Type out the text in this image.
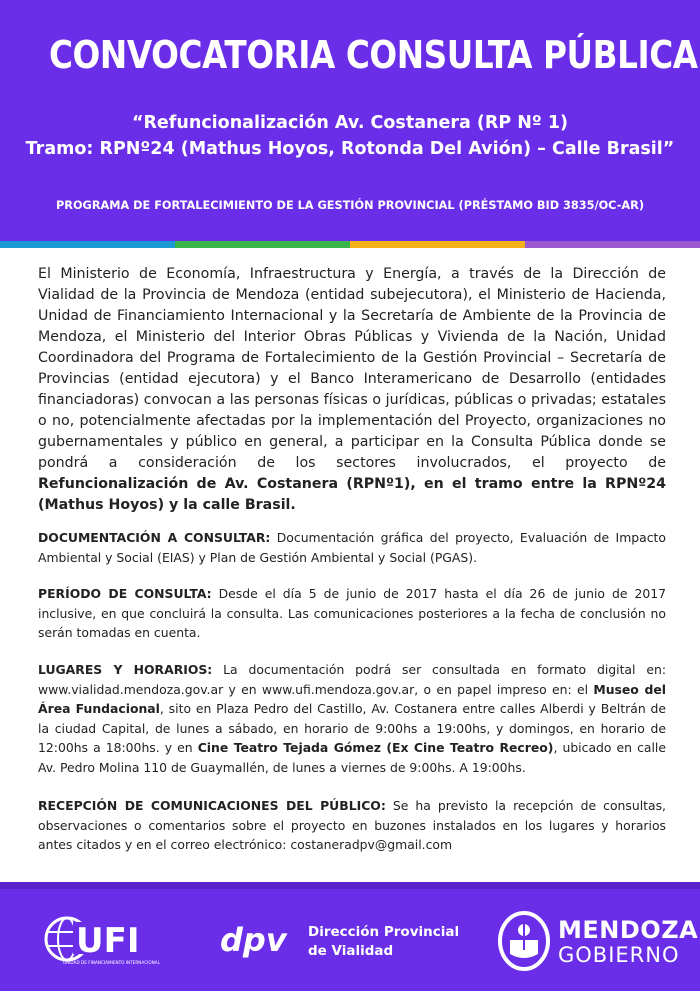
CONVOCATORIA CONSULTA PÚBLICA
“Refuncionalización Av. Costanera (RP Nº 1)
Tramo: RPNº24 (Mathus Hoyos, Rotonda Del Avión) – Calle Brasil”
PROGRAMA DE FORTALECIMIENTO DE LA GESTIÓN PROVINCIAL (PRÉSTAMO BID 3835/OC-AR)
El Ministerio de Economía, Infraestructura y Energía, a través de la Dirección de Vialidad de la Provincia de Mendoza (entidad subejecutora), el Ministerio de Hacienda, Unidad de Financiamiento Internacional y la Secretaría de Ambiente de la Provincia de Mendoza, el Ministerio del Interior Obras Públicas y Vivienda de la Nación, Unidad Coordinadora del Programa de Fortalecimiento de la Gestión Provincial – Secretaría de Provincias (entidad ejecutora) y el Banco Interamericano de Desarrollo (entidades financiadoras) convocan a las personas físicas o jurídicas, públicas o privadas; estatales o no, potencialmente afectadas por la implementación del Proyecto, organizaciones no gubernamentales y público en general, a participar en la Consulta Pública donde se pondrá a consideración de los sectores involucrados, el proyecto de Refuncionalización de Av. Costanera (RPNº1), en el tramo entre la RPNº24 (Mathus Hoyos) y la calle Brasil.
DOCUMENTACIÓN A CONSULTAR: Documentación gráfica del proyecto, Evaluación de Impacto Ambiental y Social (EIAS) y Plan de Gestión Ambiental y Social (PGAS).
PERÍODO DE CONSULTA: Desde el día 5 de junio de 2017 hasta el día 26 de junio de 2017 inclusive, en que concluirá la consulta. Las comunicaciones posteriores a la fecha de conclusión no serán tomadas en cuenta.
LUGARES Y HORARIOS: La documentación podrá ser consultada en formato digital en: www.vialidad.mendoza.gov.ar y en www.ufi.mendoza.gov.ar, o en papel impreso en: el Museo del Área Fundacional, sito en Plaza Pedro del Castillo, Av. Costanera entre calles Alberdi y Beltrán de la ciudad Capital, de lunes a sábado, en horario de 9:00hs a 19:00hs, y domingos, en horario de 12:00hs a 18:00hs. y en Cine Teatro Tejada Gómez (Ex Cine Teatro Recreo), ubicado en calle Av. Pedro Molina 110 de Guaymallén, de lunes a viernes de 9:00hs. A 19:00hs.
RECEPCIÓN DE COMUNICACIONES DEL PÚBLICO: Se ha previsto la recepción de consultas, observaciones o comentarios sobre el proyecto en buzones instalados en los lugares y horarios antes citados y en el correo electrónico: costaneradpv@gmail.com
UFI
UNIDAD DE FINANCIAMIENTO INTERNACIONAL
dpv Dirección Provincial
de Vialidad
MENDOZA
GOBIERNO
